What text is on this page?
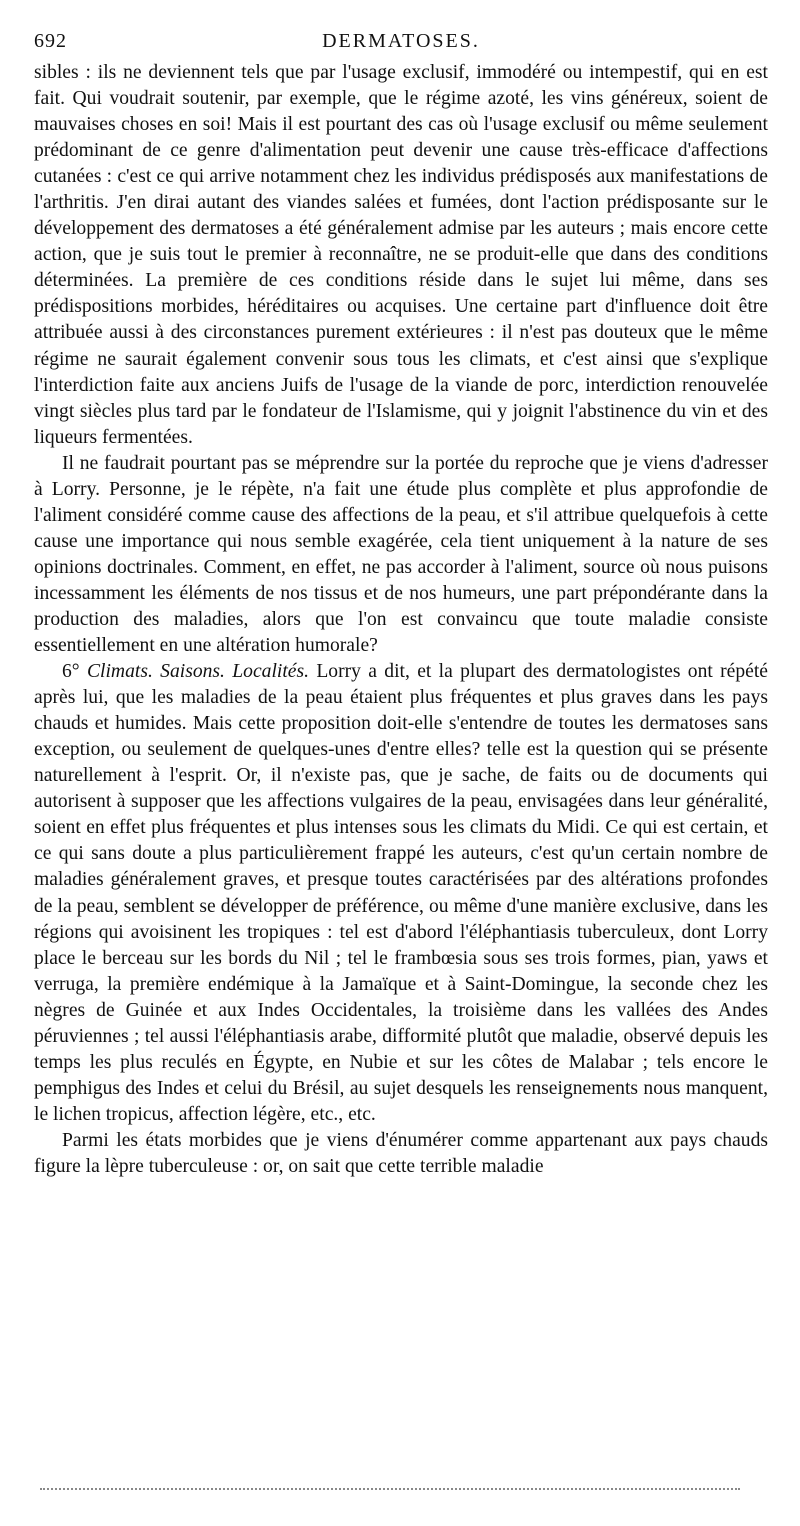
692	DERMATOSES.

sibles : ils ne deviennent tels que par l'usage exclusif, immodéré ou intempestif, qui en est fait. Qui voudrait soutenir, par exemple, que le régime azoté, les vins généreux, soient de mauvaises choses en soi! Mais il est pourtant des cas où l'usage exclusif ou même seulement prédominant de ce genre d'alimentation peut devenir une cause très-efficace d'affections cutanées : c'est ce qui arrive notamment chez les individus prédisposés aux manifestations de l'arthritis. J'en dirai autant des viandes salées et fumées, dont l'action prédisposante sur le développement des dermatoses a été généralement admise par les auteurs ; mais encore cette action, que je suis tout le premier à reconnaître, ne se produit-elle que dans des conditions déterminées. La première de ces conditions réside dans le sujet lui même, dans ses prédispositions morbides, héréditaires ou acquises. Une certaine part d'influence doit être attribuée aussi à des circonstances purement extérieures : il n'est pas douteux que le même régime ne saurait également convenir sous tous les climats, et c'est ainsi que s'explique l'interdiction faite aux anciens Juifs de l'usage de la viande de porc, interdiction renouvelée vingt siècles plus tard par le fondateur de l'Islamisme, qui y joignit l'abstinence du vin et des liqueurs fermentées.

Il ne faudrait pourtant pas se méprendre sur la portée du reproche que je viens d'adresser à Lorry. Personne, je le répète, n'a fait une étude plus complète et plus approfondie de l'aliment considéré comme cause des affections de la peau, et s'il attribue quelquefois à cette cause une importance qui nous semble exagérée, cela tient uniquement à la nature de ses opinions doctrinales. Comment, en effet, ne pas accorder à l'aliment, source où nous puisons incessamment les éléments de nos tissus et de nos humeurs, une part prépondérante dans la production des maladies, alors que l'on est convaincu que toute maladie consiste essentiellement en une altération humorale?

6° Climats. Saisons. Localités. Lorry a dit, et la plupart des dermatologistes ont répété après lui, que les maladies de la peau étaient plus fréquentes et plus graves dans les pays chauds et humides. Mais cette proposition doit-elle s'entendre de toutes les dermatoses sans exception, ou seulement de quelques-unes d'entre elles? telle est la question qui se présente naturellement à l'esprit. Or, il n'existe pas, que je sache, de faits ou de documents qui autorisent à supposer que les affections vulgaires de la peau, envisagées dans leur généralité, soient en effet plus fréquentes et plus intenses sous les climats du Midi. Ce qui est certain, et ce qui sans doute a plus particulièrement frappé les auteurs, c'est qu'un certain nombre de maladies généralement graves, et presque toutes caractérisées par des altérations profondes de la peau, semblent se développer de préférence, ou même d'une manière exclusive, dans les régions qui avoisinent les tropiques : tel est d'abord l'éléphantiasis tuberculeux, dont Lorry place le berceau sur les bords du Nil ; tel le frambœsia sous ses trois formes, pian, yaws et verruga, la première endémique à la Jamaïque et à Saint-Domingue, la seconde chez les nègres de Guinée et aux Indes Occidentales, la troisième dans les vallées des Andes péruviennes ; tel aussi l'éléphantiasis arabe, difformité plutôt que maladie, observé depuis les temps les plus reculés en Égypte, en Nubie et sur les côtes de Malabar ; tels encore le pemphigus des Indes et celui du Brésil, au sujet desquels les renseignements nous manquent, le lichen tropicus, affection légère, etc., etc.

Parmi les états morbides que je viens d'énumérer comme appartenant aux pays chauds figure la lèpre tuberculeuse : or, on sait que cette terrible maladie
